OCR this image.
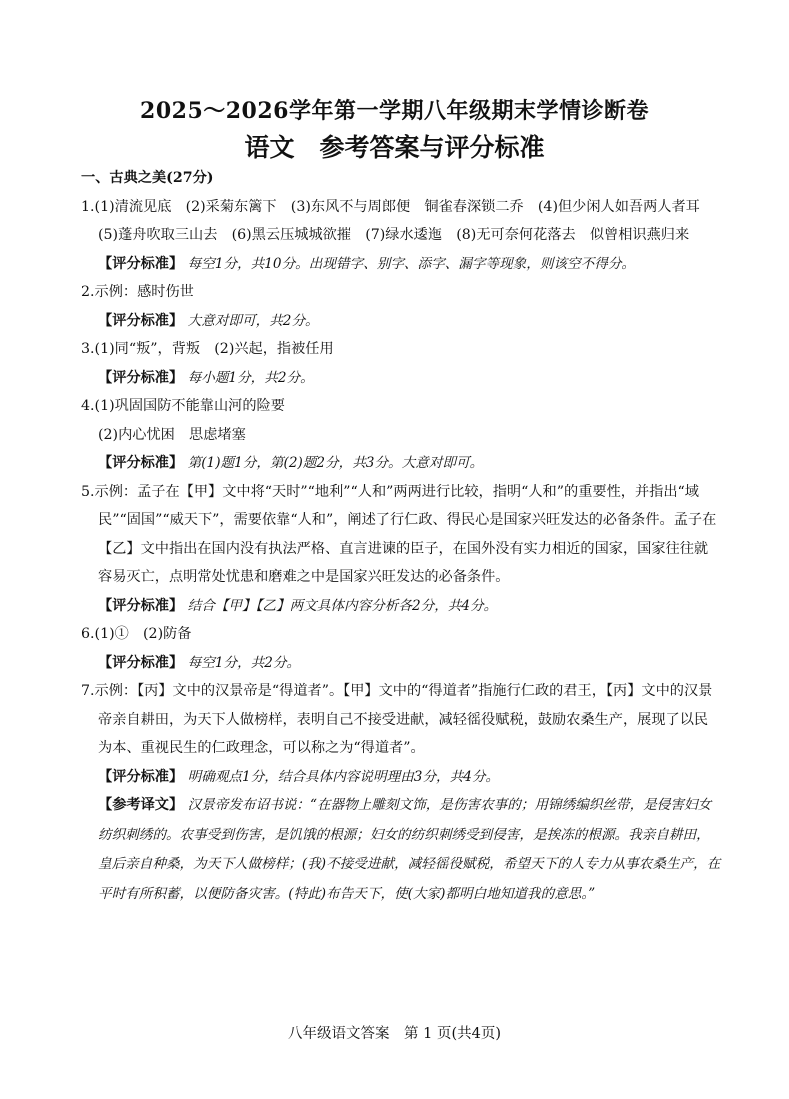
2025～2026学年第一学期八年级期末学情诊断卷
语文　参考答案与评分标准

一、古典之美(27分)

1.(1)清流见底　(2)采菊东篱下　(3)东风不与周郎便　铜雀春深锁二乔　(4)但少闲人如吾两人者耳　(5)蓬舟吹取三山去　(6)黑云压城城欲摧　(7)绿水逶迤　(8)无可奈何花落去　似曾相识燕归来

【评分标准】 每空1分，共10分。出现错字、别字、添字、漏字等现象，则该空不得分。

2.示例：感时伤世

【评分标准】 大意对即可，共2分。

3.(1)同“叛”，背叛　(2)兴起，指被任用

【评分标准】 每小题1分，共2分。

4.(1)巩固国防不能靠山河的险要

(2)内心忧困　思虑堵塞

【评分标准】 第(1)题1分，第(2)题2分，共3分。大意对即可。

5.示例：孟子在【甲】文中将“天时”“地利”“人和”两两进行比较，指明“人和”的重要性，并指出“域民”“固国”“威天下”，需要依靠“人和”，阐述了行仁政、得民心是国家兴旺发达的必备条件。孟子在【乙】文中指出在国内没有执法严格、直言进谏的臣子，在国外没有实力相近的国家，国家往往就容易灭亡，点明常处忧患和磨难之中是国家兴旺发达的必备条件。

【评分标准】 结合【甲】【乙】两文具体内容分析各2分，共4分。

6.(1)①　(2)防备

【评分标准】 每空1分，共2分。

7.示例：【丙】文中的汉景帝是“得道者”。【甲】文中的“得道者”指施行仁政的君王，【丙】文中的汉景帝亲自耕田，为天下人做榜样，表明自己不接受进献，减轻徭役赋税，鼓励农桑生产，展现了以民为本、重视民生的仁政理念，可以称之为“得道者”。

【评分标准】 明确观点1分，结合具体内容说明理由3分，共4分。

【参考译文】 汉景帝发布诏书说：“在器物上雕刻文饰，是伤害农事的；用锦绣编织丝带，是侵害妇女纺织刺绣的。农事受到伤害，是饥饿的根源；妇女的纺织刺绣受到侵害，是挨冻的根源。我亲自耕田，皇后亲自种桑，为天下人做榜样；(我)不接受进献，减轻徭役赋税，希望天下的人专力从事农桑生产，在平时有所积蓄，以便防备灾害。(特此)布告天下，使(大家)都明白地知道我的意思。”

八年级语文答案　第 1 页(共4页)
